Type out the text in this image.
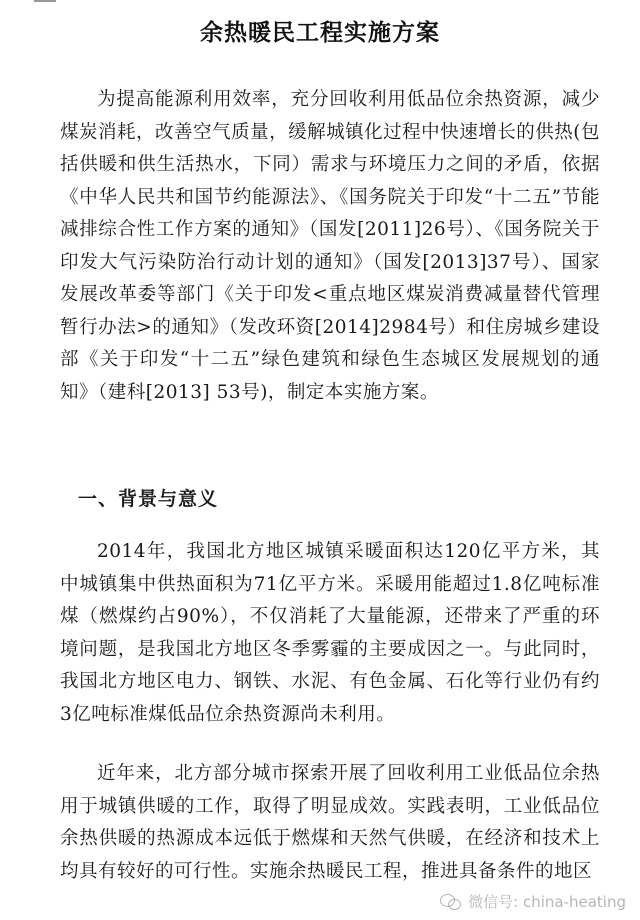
余热暖民工程实施方案
为提高能源利用效率，充分回收利用低品位余热资源，减少煤炭消耗，改善空气质量，缓解城镇化过程中快速增长的供热(包括供暖和供生活热水，下同）需求与环境压力之间的矛盾，依据《中华人民共和国节约能源法》、《国务院关于印发“十二五”节能减排综合性工作方案的通知》（国发[2011]26号）、《国务院关于印发大气污染防治行动计划的通知》（国发[2013]37号）、国家发展改革委等部门《关于印发<重点地区煤炭消费减量替代管理暂行办法>的通知》（发改环资[2014]2984号）和住房城乡建设部《关于印发“十二五”绿色建筑和绿色生态城区发展规划的通知》（建科[2013] 53号)，制定本实施方案。
一、背景与意义
2014年，我国北方地区城镇采暖面积达120亿平方米，其中城镇集中供热面积为71亿平方米。采暖用能超过1.8亿吨标准煤（燃煤约占90%），不仅消耗了大量能源，还带来了严重的环境问题，是我国北方地区冬季雾霾的主要成因之一。与此同时，我国北方地区电力、钢铁、水泥、有色金属、石化等行业仍有约3亿吨标准煤低品位余热资源尚未利用。
近年来，北方部分城市探索开展了回收利用工业低品位余热用于城镇供暖的工作，取得了明显成效。实践表明，工业低品位余热供暖的热源成本远低于燃煤和天然气供暖，在经济和技术上均具有较好的可行性。实施余热暖民工程，推进具备条件的地区
微信号: china-heating
